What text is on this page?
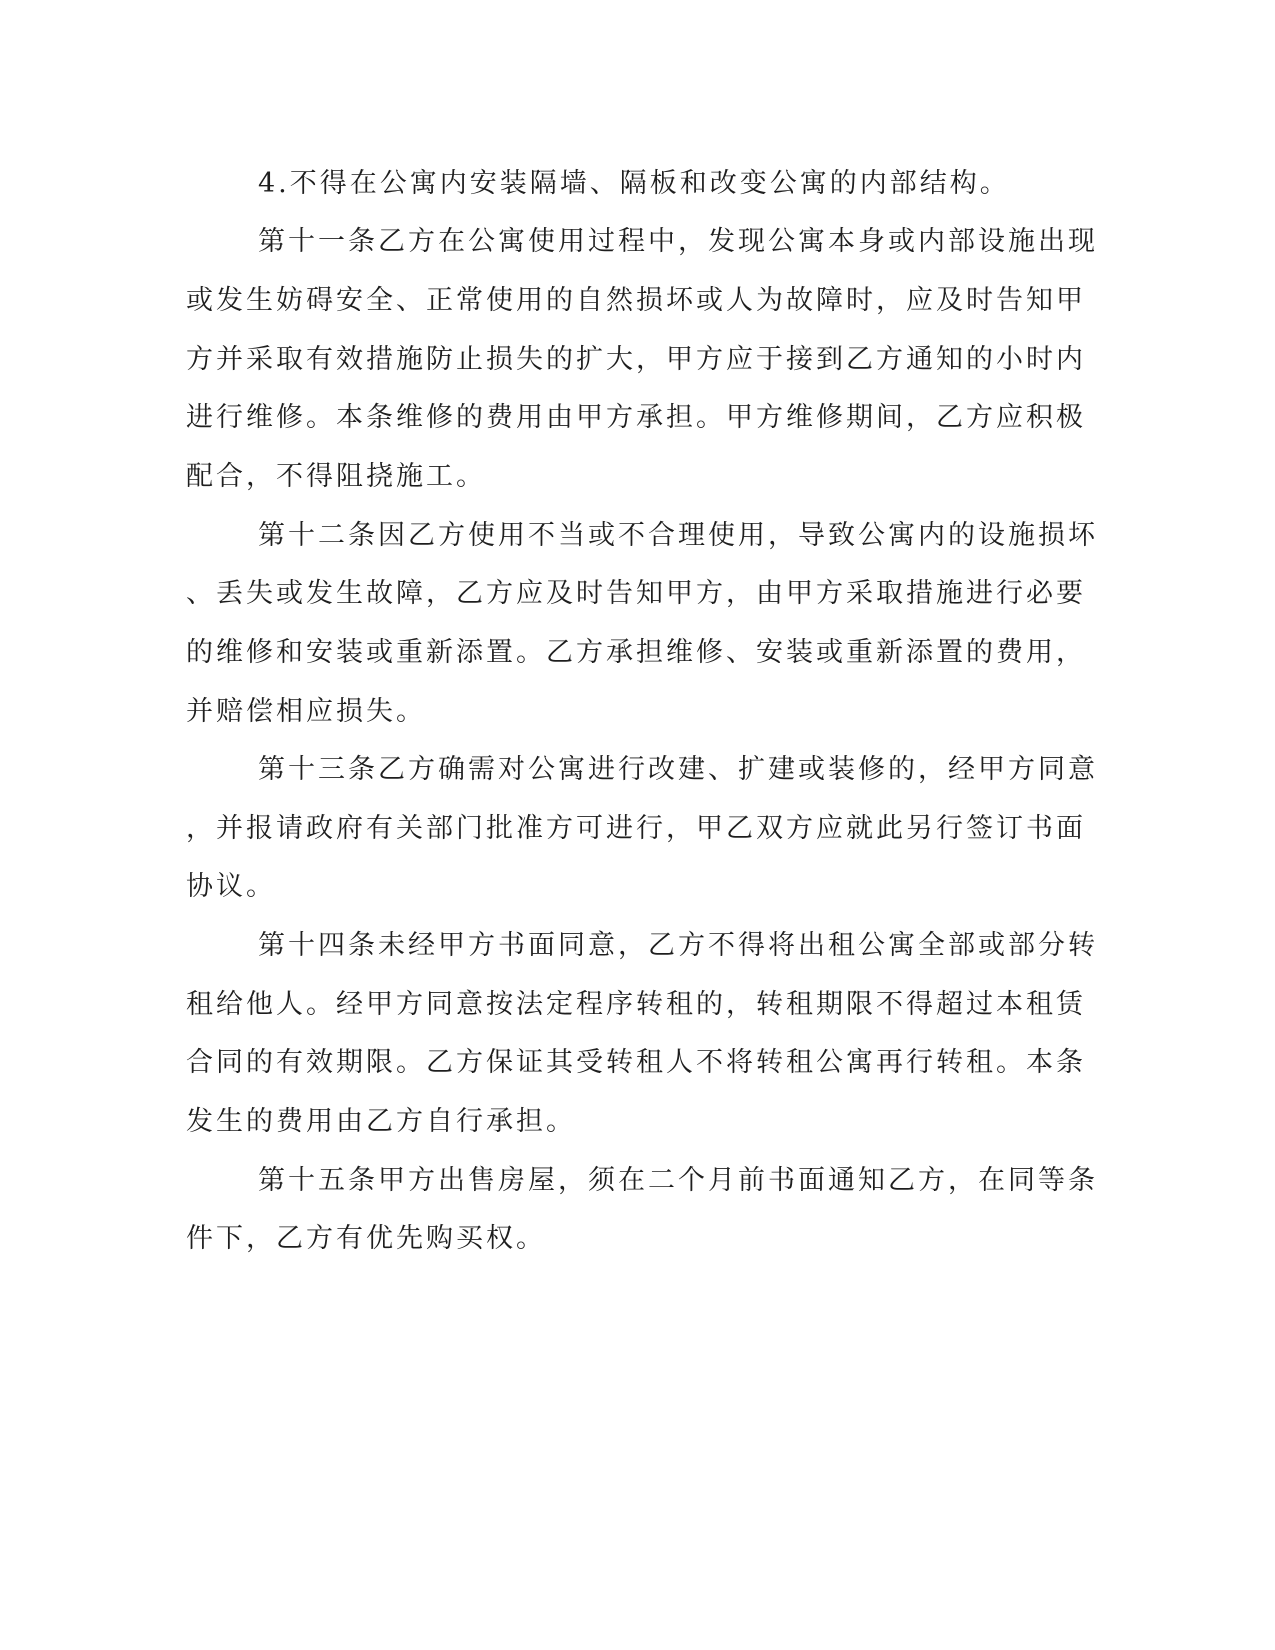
4.不得在公寓内安装隔墙、隔板和改变公寓的内部结构。
第十一条乙方在公寓使用过程中，发现公寓本身或内部设施出现
或发生妨碍安全、正常使用的自然损坏或人为故障时，应及时告知甲
方并采取有效措施防止损失的扩大，甲方应于接到乙方通知的小时内
进行维修。本条维修的费用由甲方承担。甲方维修期间，乙方应积极
配合，不得阻挠施工。
第十二条因乙方使用不当或不合理使用，导致公寓内的设施损坏
、丢失或发生故障，乙方应及时告知甲方，由甲方采取措施进行必要
的维修和安装或重新添置。乙方承担维修、安装或重新添置的费用，
并赔偿相应损失。
第十三条乙方确需对公寓进行改建、扩建或装修的，经甲方同意
，并报请政府有关部门批准方可进行，甲乙双方应就此另行签订书面
协议。
第十四条未经甲方书面同意，乙方不得将出租公寓全部或部分转
租给他人。经甲方同意按法定程序转租的，转租期限不得超过本租赁
合同的有效期限。乙方保证其受转租人不将转租公寓再行转租。本条
发生的费用由乙方自行承担。
第十五条甲方出售房屋，须在二个月前书面通知乙方，在同等条
件下，乙方有优先购买权。
